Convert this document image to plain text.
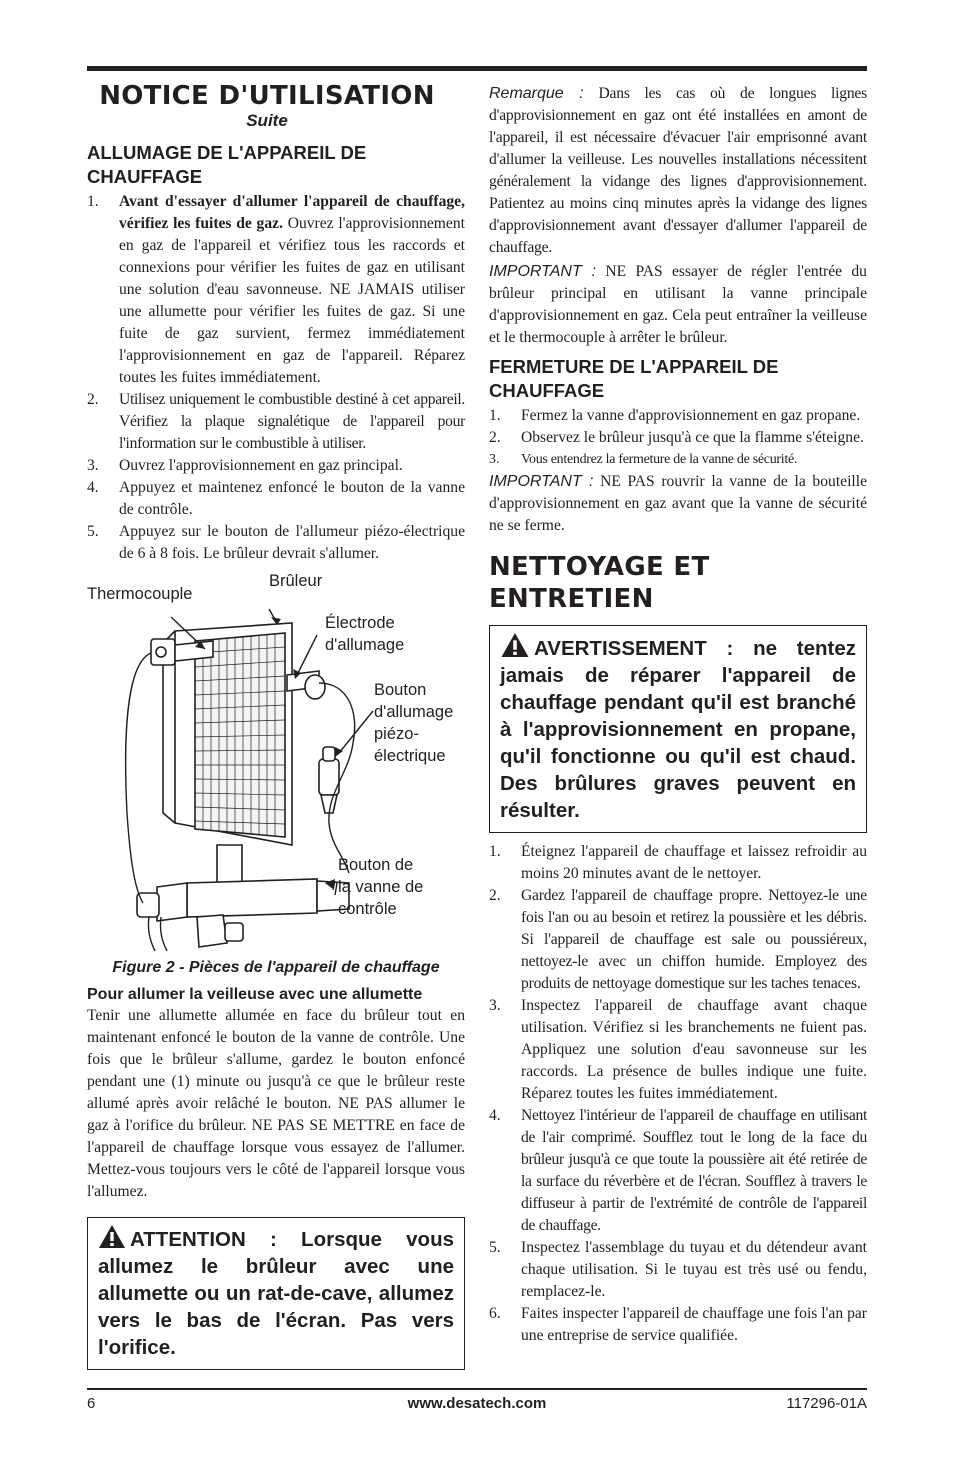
NOTICE D'UTILISATION
Suite
ALLUMAGE DE L'APPAREIL DE CHAUFFAGE
1. Avant d'essayer d'allumer l'appareil de chauffage, vérifiez les fuites de gaz. Ouvrez l'approvisionnement en gaz de l'appareil et vérifiez tous les raccords et connexions pour vérifier les fuites de gaz en utilisant une solution d'eau savonneuse. NE JAMAIS utiliser une allumette pour vérifier les fuites de gaz. Si une fuite de gaz survient, fermez immédiatement l'approvisionnement en gaz de l'appareil. Réparez toutes les fuites immédiatement.
2. Utilisez uniquement le combustible destiné à cet appareil. Vérifiez la plaque signalétique de l'appareil pour l'information sur le combustible à utiliser.
3. Ouvrez l'approvisionnement en gaz principal.
4. Appuyez et maintenez enfoncé le bouton de la vanne de contrôle.
5. Appuyez sur le bouton de l'allumeur piézo-électrique de 6 à 8 fois. Le brûleur devrait s'allumer.
Thermocouple
Brûleur
Électrode
d'allumage
Bouton
d'allumage
piézo-
électrique
Bouton de
la vanne de
contrôle
Figure 2 - Pièces de l'appareil de chauffage
Pour allumer la veilleuse avec une allumette

Tenir une allumette allumée en face du brûleur tout en maintenant enfoncé le bouton de la vanne de contrôle. Une fois que le brûleur s'allume, gardez le bouton enfoncé pendant une (1) minute ou jusqu'à ce que le brûleur reste allumé après avoir relâché le bouton. NE PAS allumer le gaz à l'orifice du brûleur. NE PAS SE METTRE en face de l'appareil de chauffage lorsque vous essayez de l'allumer. Mettez-vous toujours vers le côté de l'appareil lorsque vous l'allumez.

ATTENTION : Lorsque vous allumez le brûleur avec une allumette ou un rat-de-cave, allumez vers le bas de l'écran. Pas vers l'orifice.

Remarque : Dans les cas où de longues lignes d'approvisionnement en gaz ont été installées en amont de l'appareil, il est nécessaire d'évacuer l'air emprisonné avant d'allumer la veilleuse. Les nouvelles installations nécessitent généralement la vidange des lignes d'approvisionnement. Patientez au moins cinq minutes après la vidange des lignes d'approvisionnement avant d'essayer d'allumer l'appareil de chauffage.

IMPORTANT : NE PAS essayer de régler l'entrée du brûleur principal en utilisant la vanne principale d'approvisionnement en gaz. Cela peut entraîner la veilleuse et le thermocouple à arrêter le brûleur.

FERMETURE DE L'APPAREIL DE CHAUFFAGE
1. Fermez la vanne d'approvisionnement en gaz propane.
2. Observez le brûleur jusqu'à ce que la flamme s'éteigne.
3. Vous entendrez la fermeture de la vanne de sécurité.

IMPORTANT : NE PAS rouvrir la vanne de la bouteille d'approvisionnement en gaz avant que la vanne de sécurité ne se ferme.

NETTOYAGE ET ENTRETIEN
AVERTISSEMENT : ne tentez jamais de réparer l'appareil de chauffage pendant qu'il est branché à l'approvisionnement en propane, qu'il fonctionne ou qu'il est chaud. Des brûlures graves peuvent en résulter.
1. Éteignez l'appareil de chauffage et laissez refroidir au moins 20 minutes avant de le nettoyer.
2. Gardez l'appareil de chauffage propre. Nettoyez-le une fois l'an ou au besoin et retirez la poussière et les débris. Si l'appareil de chauffage est sale ou poussiéreux, nettoyez-le avec un chiffon humide. Employez des produits de nettoyage domestique sur les taches tenaces.
3. Inspectez l'appareil de chauffage avant chaque utilisation. Vérifiez si les branchements ne fuient pas. Appliquez une solution d'eau savonneuse sur les raccords. La présence de bulles indique une fuite. Réparez toutes les fuites immédiatement.
4. Nettoyez l'intérieur de l'appareil de chauffage en utilisant de l'air comprimé. Soufflez tout le long de la face du brûleur jusqu'à ce que toute la poussière ait été retirée de la surface du réverbère et de l'écran. Soufflez à travers le diffuseur à partir de l'extrémité de contrôle de l'appareil de chauffage.
5. Inspectez l'assemblage du tuyau et du détendeur avant chaque utilisation. Si le tuyau est très usé ou fendu, remplacez-le.
6. Faites inspecter l'appareil de chauffage une fois l'an par une entreprise de service qualifiée.
6	www.desatech.com	117296-01A
